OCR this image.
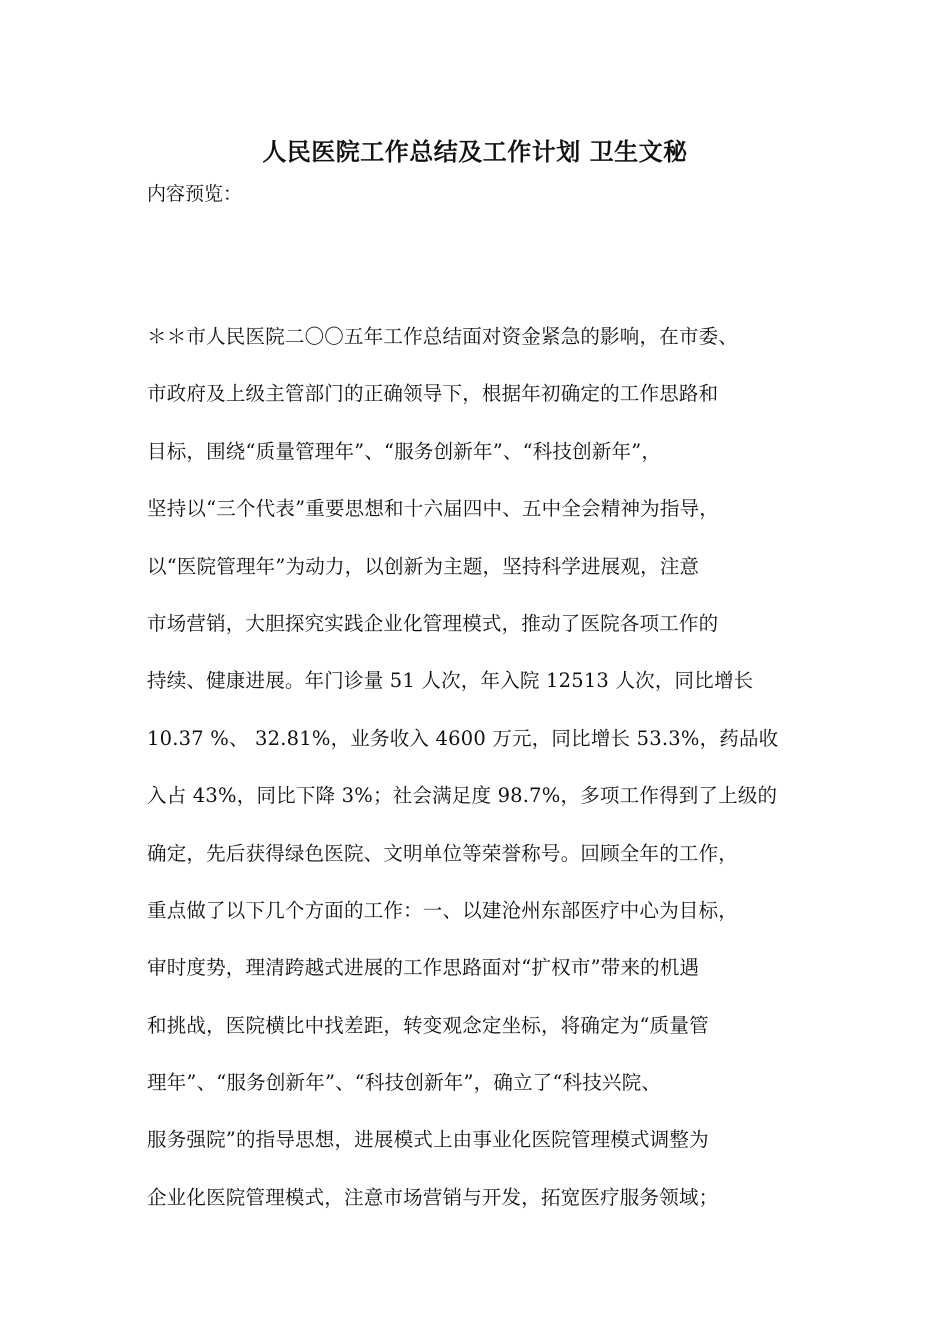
人民医院工作总结及工作计划 卫生文秘
内容预览：
＊＊市人民医院二〇〇五年工作总结面对资金紧急的影响，在市委、
市政府及上级主管部门的正确领导下，根据年初确定的工作思路和
目标，围绕“质量管理年”、“服务创新年”、“科技创新年”，
坚持以“三个代表”重要思想和十六届四中、五中全会精神为指导，
以“医院管理年”为动力，以创新为主题，坚持科学进展观，注意
市场营销，大胆探究实践企业化管理模式，推动了医院各项工作的
持续、健康进展。年门诊量 51 人次，年入院 12513 人次，同比增长
10.37 %、 32.81%，业务收入 4600 万元，同比增长 53.3%，药品收
入占 43%，同比下降 3%；社会满足度 98.7%，多项工作得到了上级的
确定，先后获得绿色医院、文明单位等荣誉称号。回顾全年的工作，
重点做了以下几个方面的工作：一、以建沧州东部医疗中心为目标，
审时度势，理清跨越式进展的工作思路面对“扩权市”带来的机遇
和挑战，医院横比中找差距，转变观念定坐标，将确定为“质量管
理年”、“服务创新年”、“科技创新年”，确立了“科技兴院、
服务强院”的指导思想，进展模式上由事业化医院管理模式调整为
企业化医院管理模式，注意市场营销与开发，拓宽医疗服务领域；
